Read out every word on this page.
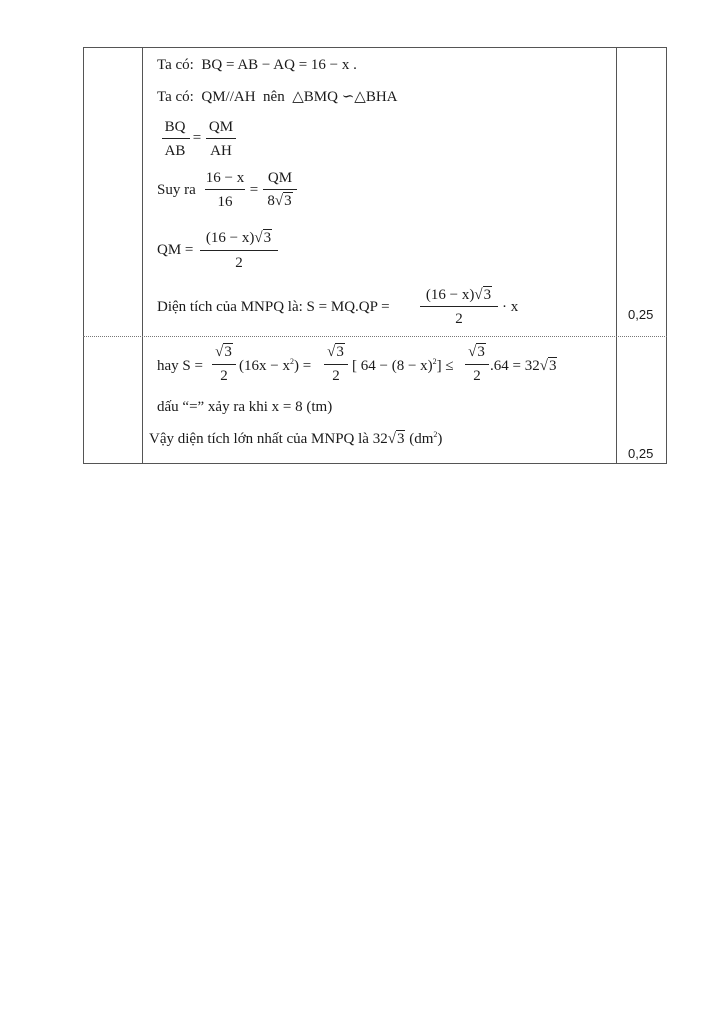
Ta có: BQ = AB − AQ = 16 − x .
Ta có: QM//AH nên △BMQ ∽△BHA
BQ
AB
=
QM
AH
Suy ra
16 − x
16
=
QM
8√3
QM =
(16 − x)√3
2
Diện tích của MNPQ là: S = MQ.QP =
(16 − x)√3
2
· x	0,25
hay S =
√3
2
$(16x - x^2)$ =
√3
2
[ $64 - (8 - x)^2$] ≤
√3
2
.64 = 32√3
dấu “=” xảy ra khi x = 8 (tm)
Vậy diện tích lớn nhất của MNPQ là 32√3 $(dm^2)$
0,25
